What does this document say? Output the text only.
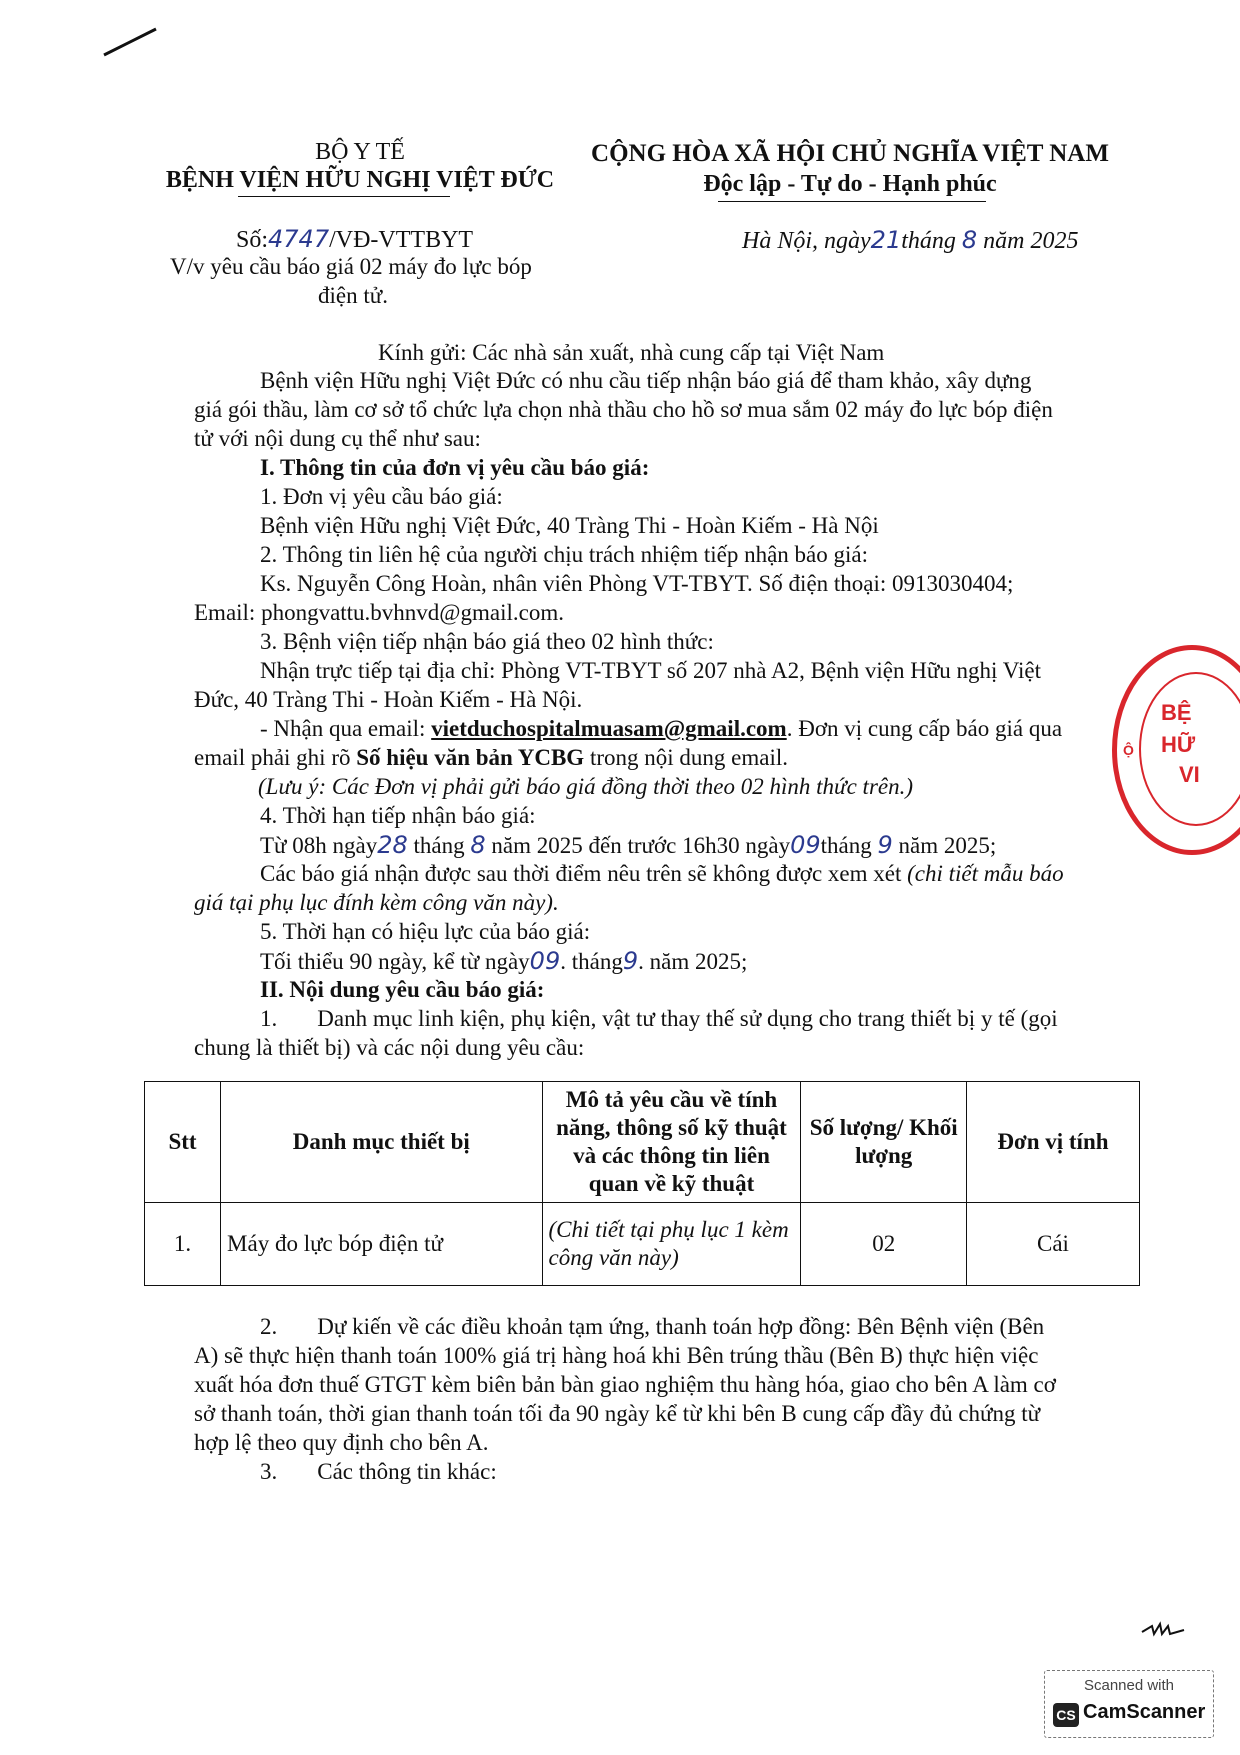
BỘ Y TẾ
BỆNH VIỆN HỮU NGHỊ VIỆT ĐỨC
CỘNG HÒA XÃ HỘI CHỦ NGHĨA VIỆT NAM
Độc lập - Tự do - Hạnh phúc
Số:4747/VĐ-VTTBYT	Hà Nội, ngày21tháng 8 năm 2025
V/v yêu cầu báo giá 02 máy đo lực bóp
điện tử.
Kính gửi: Các nhà sản xuất, nhà cung cấp tại Việt Nam
Bệnh viện Hữu nghị Việt Đức có nhu cầu tiếp nhận báo giá để tham khảo, xây dựng
giá gói thầu, làm cơ sở tổ chức lựa chọn nhà thầu cho hồ sơ mua sắm 02 máy đo lực bóp điện
tử với nội dung cụ thể như sau:
I. Thông tin của đơn vị yêu cầu báo giá:
1. Đơn vị yêu cầu báo giá:
Bệnh viện Hữu nghị Việt Đức, 40 Tràng Thi - Hoàn Kiếm - Hà Nội
2. Thông tin liên hệ của người chịu trách nhiệm tiếp nhận báo giá:
Ks. Nguyễn Công Hoàn, nhân viên Phòng VT-TBYT. Số điện thoại: 0913030404;
Email: phongvattu.bvhnvd@gmail.com.
3. Bệnh viện tiếp nhận báo giá theo 02 hình thức:
Nhận trực tiếp tại địa chỉ: Phòng VT-TBYT số 207 nhà A2, Bệnh viện Hữu nghị Việt
Đức, 40 Tràng Thi - Hoàn Kiếm - Hà Nội.
- Nhận qua email: vietduchospitalmuasam@gmail.com. Đơn vị cung cấp báo giá qua
email phải ghi rõ Số hiệu văn bản YCBG trong nội dung email.
(Lưu ý: Các Đơn vị phải gửi báo giá đồng thời theo 02 hình thức trên.)
4. Thời hạn tiếp nhận báo giá:
Từ 08h ngày28 tháng 8 năm 2025 đến trước 16h30 ngày09tháng 9 năm 2025;
Các báo giá nhận được sau thời điểm nêu trên sẽ không được xem xét (chi tiết mẫu báo
giá tại phụ lục đính kèm công văn này).
5. Thời hạn có hiệu lực của báo giá:
Tối thiểu 90 ngày, kể từ ngày09. tháng9. năm 2025;
II. Nội dung yêu cầu báo giá:
1. Danh mục linh kiện, phụ kiện, vật tư thay thế sử dụng cho trang thiết bị y tế (gọi
chung là thiết bị) và các nội dung yêu cầu:
Stt	Danh mục thiết bị	Mô tả yêu cầu về tính năng, thông số kỹ thuật và các thông tin liên quan về kỹ thuật	Số lượng/ Khối lượng	Đơn vị tính
1.	Máy đo lực bóp điện tử	(Chi tiết tại phụ lục 1 kèm công văn này)	02	Cái
2. Dự kiến về các điều khoản tạm ứng, thanh toán hợp đồng: Bên Bệnh viện (Bên
A) sẽ thực hiện thanh toán 100% giá trị hàng hoá khi Bên trúng thầu (Bên B) thực hiện việc
xuất hóa đơn thuế GTGT kèm biên bản bàn giao nghiệm thu hàng hóa, giao cho bên A làm cơ
sở thanh toán, thời gian thanh toán tối đa 90 ngày kể từ khi bên B cung cấp đầy đủ chứng từ
hợp lệ theo quy định cho bên A.
3. Các thông tin khác:
BỆ
HỮ
VI
Ộ
Scanned with
CS CamScanner
